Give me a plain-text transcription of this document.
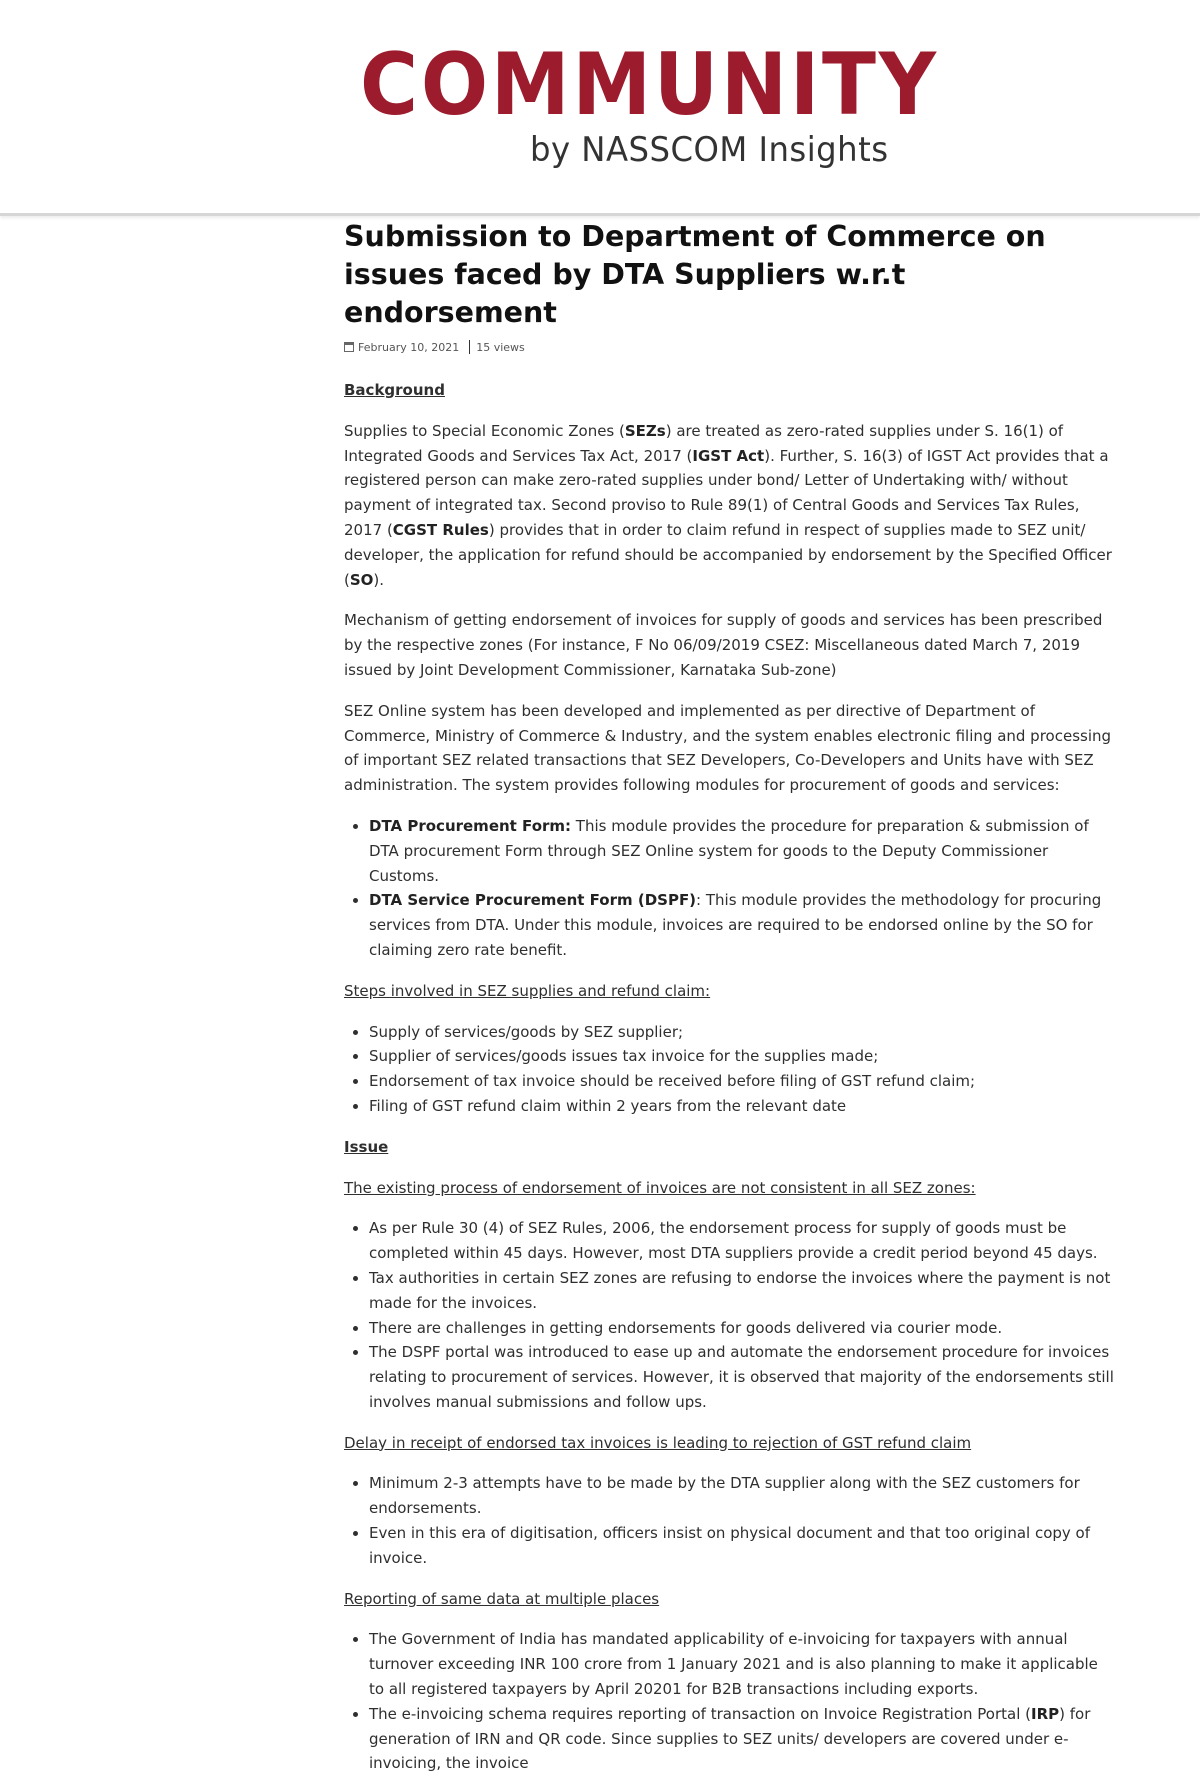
COMMUNITY
by NASSCOM Insights
Submission to Department of Commerce on issues faced by DTA Suppliers w.r.t endorsement
February 10, 2021 15 views

Background

Supplies to Special Economic Zones (SEZs) are treated as zero-rated supplies under S. 16(1) of Integrated Goods and Services Tax Act, 2017 (IGST Act). Further, S. 16(3) of IGST Act provides that a registered person can make zero-rated supplies under bond/ Letter of Undertaking with/ without payment of integrated tax. Second proviso to Rule 89(1) of Central Goods and Services Tax Rules, 2017 (CGST Rules) provides that in order to claim refund in respect of supplies made to SEZ unit/ developer, the application for refund should be accompanied by endorsement by the Specified Officer (SO).

Mechanism of getting endorsement of invoices for supply of goods and services has been prescribed by the respective zones (For instance, F No 06/09/2019 CSEZ: Miscellaneous dated March 7, 2019 issued by Joint Development Commissioner, Karnataka Sub-zone)

SEZ Online system has been developed and implemented as per directive of Department of Commerce, Ministry of Commerce & Industry, and the system enables electronic filing and processing of important SEZ related transactions that SEZ Developers, Co-Developers and Units have with SEZ administration. The system provides following modules for procurement of goods and services:

• DTA Procurement Form: This module provides the procedure for preparation & submission of DTA procurement Form through SEZ Online system for goods to the Deputy Commissioner Customs.
• DTA Service Procurement Form (DSPF): This module provides the methodology for procuring services from DTA. Under this module, invoices are required to be endorsed online by the SO for claiming zero rate benefit.

Steps involved in SEZ supplies and refund claim:

• Supply of services/goods by SEZ supplier;
• Supplier of services/goods issues tax invoice for the supplies made;
• Endorsement of tax invoice should be received before filing of GST refund claim;
• Filing of GST refund claim within 2 years from the relevant date

Issue

The existing process of endorsement of invoices are not consistent in all SEZ zones:

• As per Rule 30 (4) of SEZ Rules, 2006, the endorsement process for supply of goods must be completed within 45 days. However, most DTA suppliers provide a credit period beyond 45 days.
• Tax authorities in certain SEZ zones are refusing to endorse the invoices where the payment is not made for the invoices.
• There are challenges in getting endorsements for goods delivered via courier mode.
• The DSPF portal was introduced to ease up and automate the endorsement procedure for invoices relating to procurement of services. However, it is observed that majority of the endorsements still involves manual submissions and follow ups.

Delay in receipt of endorsed tax invoices is leading to rejection of GST refund claim

• Minimum 2-3 attempts have to be made by the DTA supplier along with the SEZ customers for endorsements.
• Even in this era of digitisation, officers insist on physical document and that too original copy of invoice.

Reporting of same data at multiple places

• The Government of India has mandated applicability of e-invoicing for taxpayers with annual turnover exceeding INR 100 crore from 1 January 2021 and is also planning to make it applicable to all registered taxpayers by April 20201 for B2B transactions including exports.
• The e-invoicing schema requires reporting of transaction on Invoice Registration Portal (IRP) for generation of IRN and QR code. Since supplies to SEZ units/ developers are covered under e-invoicing, the invoice
